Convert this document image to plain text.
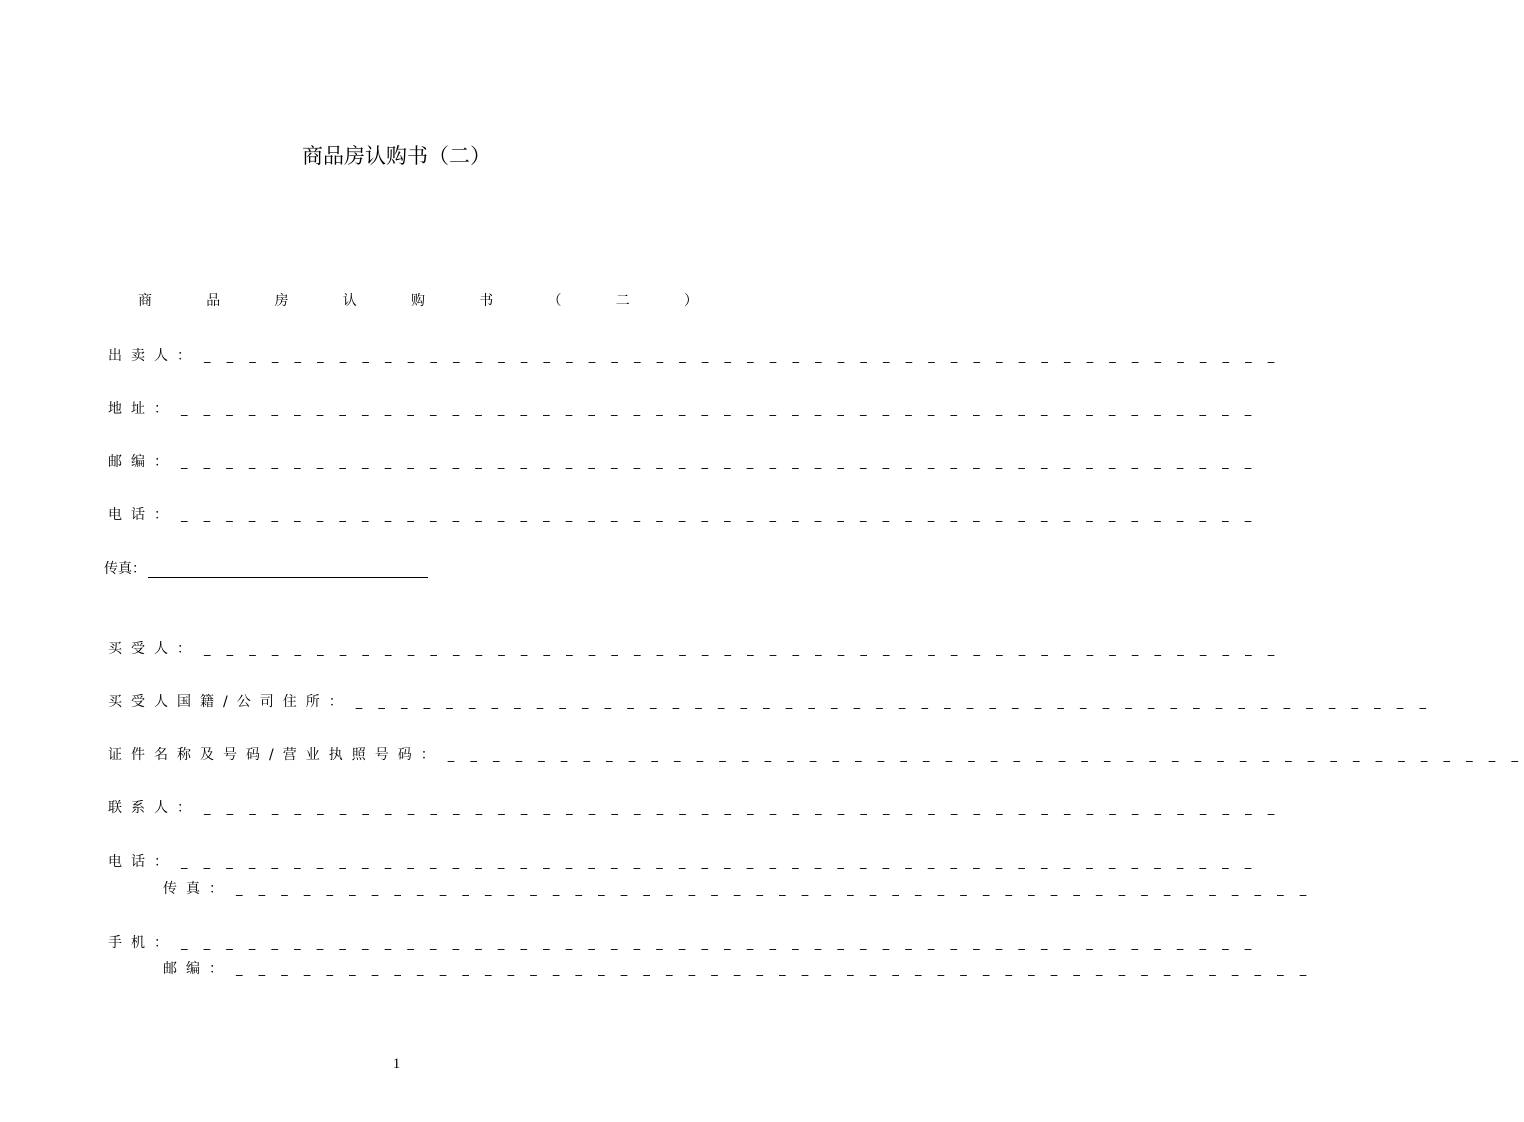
商品房认购书（二）
商	品	房	认	购	书	（	二	）
出卖人： _ _ _ _ _ _ _ _ _ _ _ _ _ _ _ _ _ _ _ _ _ _ _ _ _ _ _ _ _ _ _ _ _ _ _ _ _ _ _ _ _ _ _ _ _ _ _ _
地址： _ _ _ _ _ _ _ _ _ _ _ _ _ _ _ _ _ _ _ _ _ _ _ _ _ _ _ _ _ _ _ _ _ _ _ _ _ _ _ _ _ _ _ _ _ _ _ _
邮编： _ _ _ _ _ _ _ _ _ _ _ _ _ _ _ _ _ _ _ _ _ _ _ _ _ _ _ _ _ _ _ _ _ _ _ _ _ _ _ _ _ _ _ _ _ _ _ _
电话： _ _ _ _ _ _ _ _ _ _ _ _ _ _ _ _ _ _ _ _ _ _ _ _ _ _ _ _ _ _ _ _ _ _ _ _ _ _ _ _ _ _ _ _ _ _ _ _
传真：
买受人： _ _ _ _ _ _ _ _ _ _ _ _ _ _ _ _ _ _ _ _ _ _ _ _ _ _ _ _ _ _ _ _ _ _ _ _ _ _ _ _ _ _ _ _ _ _ _ _
买受人国籍/公司住所： _ _ _ _ _ _ _ _ _ _ _ _ _ _ _ _ _ _ _ _ _ _ _ _ _ _ _ _ _ _ _ _ _ _ _ _ _ _ _ _ _ _ _ _ _ _ _ _
证件名称及号码/营业执照号码： _ _ _ _ _ _ _ _ _ _ _ _ _ _ _ _ _ _ _ _ _ _ _ _ _ _ _ _ _ _ _ _ _ _ _ _ _ _ _ _ _ _ _ _ _ _ _ _
联系人： _ _ _ _ _ _ _ _ _ _ _ _ _ _ _ _ _ _ _ _ _ _ _ _ _ _ _ _ _ _ _ _ _ _ _ _ _ _ _ _ _ _ _ _ _ _ _ _
电话： _ _ _ _ _ _ _ _ _ _ _ _ _ _ _ _ _ _ _ _ _ _ _ _ _ _ _ _ _ _ _ _ _ _ _ _ _ _ _ _ _ _ _ _ _ _ _ _
传真： _ _ _ _ _ _ _ _ _ _ _ _ _ _ _ _ _ _ _ _ _ _ _ _ _ _ _ _ _ _ _ _ _ _ _ _ _ _ _ _ _ _ _ _ _ _ _ _
手机： _ _ _ _ _ _ _ _ _ _ _ _ _ _ _ _ _ _ _ _ _ _ _ _ _ _ _ _ _ _ _ _ _ _ _ _ _ _ _ _ _ _ _ _ _ _ _ _
邮编： _ _ _ _ _ _ _ _ _ _ _ _ _ _ _ _ _ _ _ _ _ _ _ _ _ _ _ _ _ _ _ _ _ _ _ _ _ _ _ _ _ _ _ _ _ _ _ _
1
